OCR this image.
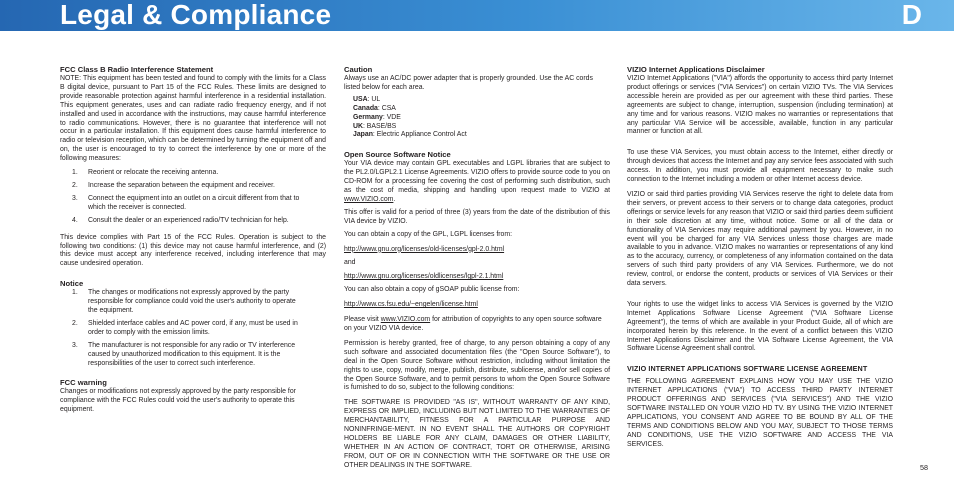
Legal & Compliance	D
FCC Class B Radio Interference Statement

NOTE: This equipment has been tested and found to comply with the limits for a Class B digital device, pursuant to Part 15 of the FCC Rules. These limits are designed to provide reasonable protection against harmful interference in a residential installation. This equipment generates, uses and can radiate radio frequency energy, and if not installed and used in accordance with the instructions, may cause harmful interference to radio communications. However, there is no guarantee that interference will not occur in a particular installation. If this equipment does cause harmful interference to radio or television reception, which can be determined by turning the equipment off and on, the user is encouraged to try to correct the interference by one or more of the following measures:

1. Reorient or relocate the receiving antenna.
2. Increase the separation between the equipment and receiver.
3. Connect the equipment into an outlet on a circuit different from that to which the receiver is connected.
4. Consult the dealer or an experienced radio/TV technician for help.

This device complies with Part 15 of the FCC Rules. Operation is subject to the following two conditions: (1) this device may not cause harmful interference, and (2) this device must accept any interference received, including interference that may cause undesired operation.

Notice
1. The changes or modifications not expressly approved by the party responsible for compliance could void the user's authority to operate the equipment.
2. Shielded interface cables and AC power cord, if any, must be used in order to comply with the emission limits.
3. The manufacturer is not responsible for any radio or TV interference caused by unauthorized modification to this equipment. It is the responsibilities of the user to correct such interference.
FCC warning

Changes or modifications not expressly approved by the party responsible for compliance with the FCC Rules could void the user's authority to operate this equipment.

Caution

Always use an AC/DC power adapter that is properly grounded. Use the AC cords listed below for each area.

USA: UL
Canada: CSA
Germany: VDE
UK: BASE/BS
Japan: Electric Appliance Control Act
Open Source Software Notice

Your VIA device may contain GPL executables and LGPL libraries that are subject to the PL2.0/LGPL2.1 License Agreements. VIZIO offers to provide source code to you on CD-ROM for a processing fee covering the cost of performing such distribution, such as the cost of media, shipping and handling upon request made to VIZIO at www.VIZIO.com.

This offer is valid for a period of three (3) years from the date of the distribution of this VIA device by VIZIO.

You can obtain a copy of the GPL, LGPL licenses from:

http://www.gnu.org/licenses/old-licenses/gpl-2.0.html

and

http://www.gnu.org/licenses/oldlicenses/lgpl-2.1.html

You can also obtain a copy of gSOAP public license from:

http://www.cs.fsu.edu/~engelen/license.html

Please visit www.VIZIO.com for attribution of copyrights to any open source software on your VIZIO VIA device.

Permission is hereby granted, free of charge, to any person obtaining a copy of any such software and associated documentation files (the "Open Source Software"), to deal in the Open Source Software without restriction, including without limitation the rights to use, copy, modify, merge, publish, distribute, sublicense, and/or sell copies of the Open Source Software, and to permit persons to whom the Open Source Software is furnished to do so, subject to the following conditions:

THE SOFTWARE IS PROVIDED "AS IS", WITHOUT WARRANTY OF ANY KIND, EXPRESS OR IMPLIED, INCLUDING BUT NOT LIMITED TO THE WARRANTIES OF MERCHANTABILITY, FITNESS FOR A PARTICULAR PURPOSE AND NONINFRINGE-MENT. IN NO EVENT SHALL THE AUTHORS OR COPYRIGHT HOLDERS BE LIABLE FOR ANY CLAIM, DAMAGES OR OTHER LIABILITY, WHETHER IN AN ACTION OF CONTRACT, TORT OR OTHERWISE, ARISING FROM, OUT OF OR IN CONNECTION WITH THE SOFTWARE OR THE USE OR OTHER DEALINGS IN THE SOFTWARE.

VIZIO Internet Applications Disclaimer

VIZIO Internet Applications ("VIA") affords the opportunity to access third party Internet product offerings or services ("VIA Services") on certain VIZIO TVs. The VIA Services accessible herein are provided as per our agreement with these third parties. These agreements are subject to change, interruption, suspension (including termination) at any time and for various reasons. VIZIO makes no warranties or representations that any particular VIA Service will be accessible, available, function in any particular manner or function at all.

To use these VIA Services, you must obtain access to the Internet, either directly or through devices that access the Internet and pay any service fees associated with such access. In addition, you must provide all equipment necessary to make such connection to the Internet including a modem or other Internet access device.

VIZIO or said third parties providing VIA Services reserve the right to delete data from their servers, or prevent access to their servers or to change data categories, product offerings or service levels for any reason that VIZIO or said third parties deem sufficient in their sole discretion at any time, without notice. Some or all of the data or functionality of VIA Services may require additional payment by you. However, in no event will you be charged for any VIA Services unless those charges are made available to you in advance. VIZIO makes no warranties or representations of any kind as to the accuracy, currency, or completeness of any information contained on the data servers of such third party providers of any VIA Services. Furthermore, we do not review, control, or endorse the content, products or services of VIA Services or their data servers.

Your rights to use the widget links to access VIA Services is governed by the VIZIO Internet Applications Software License Agreement ("VIA Software License Agreement"), the terms of which are available in your Product Guide, all of which are incorporated herein by this reference. In the event of a conflict between this VIZIO Internet Applications Disclaimer and the VIA Software License Agreement, the VIA Software License Agreement shall control.

VIZIO INTERNET APPLICATIONS SOFTWARE LICENSE AGREEMENT

THE FOLLOWING AGREEMENT EXPLAINS HOW YOU MAY USE THE VIZIO INTERNET APPLICATIONS ("VIA") TO ACCESS THIRD PARTY INTERNET PRODUCT OFFERINGS AND SERVICES ("VIA SERVICES") AND THE VIZIO SOFTWARE INSTALLED ON YOUR VIZIO HD TV. BY USING THE VIZIO INTERNET APPLICATIONS, YOU CONSENT AND AGREE TO BE BOUND BY ALL OF THE TERMS AND CONDITIONS BELOW AND YOU MAY, SUBJECT TO THOSE TERMS AND CONDITIONS, USE THE VIZIO SOFTWARE AND ACCESS THE VIA SERVICES.

58
